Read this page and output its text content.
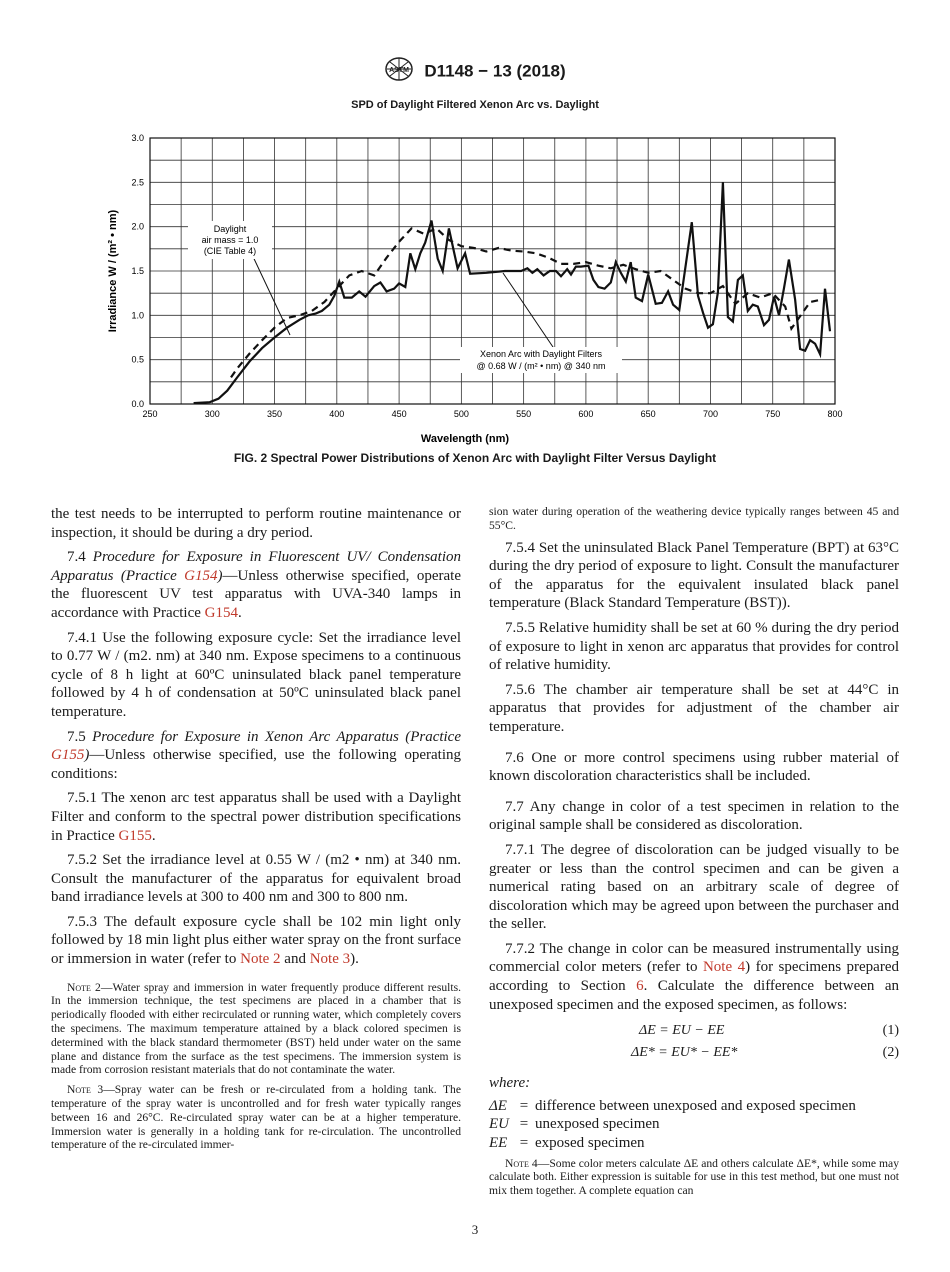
ASTM D1148 − 13 (2018)
SPD of Daylight Filtered Xenon Arc vs. Daylight
250	300	350	400	450	500	550	600	650	700	750	800
0.0
0.5
1.0
1.5
2.0
2.5
3.0
Daylight
air mass = 1.0
(CIE Table 4)
Xenon Arc with Daylight Filters
@ 0.68 W / (m² • nm) @ 340 nm
Irradiance W / (m² • nm)
Wavelength (nm)
FIG. 2 Spectral Power Distributions of Xenon Arc with Daylight Filter Versus Daylight

the test needs to be interrupted to perform routine maintenance or inspection, it should be during a dry period.

7.4 Procedure for Exposure in Fluorescent UV/ Condensation Apparatus (Practice G154)—Unless otherwise specified, operate the fluorescent UV test apparatus with UVA-340 lamps in accordance with Practice G154.

7.4.1 Use the following exposure cycle: Set the irradiance level to 0.77 W / (m2. nm) at 340 nm. Expose specimens to a continuous cycle of 8 h light at 60ºC uninsulated black panel temperature followed by 4 h of condensation at 50ºC uninsulated black panel temperature.

7.5 Procedure for Exposure in Xenon Arc Apparatus (Practice G155)—Unless otherwise specified, use the following operating conditions:

7.5.1 The xenon arc test apparatus shall be used with a Daylight Filter and conform to the spectral power distribution specifications in Practice G155.

7.5.2 Set the irradiance level at 0.55 W / (m2 • nm) at 340 nm. Consult the manufacturer of the apparatus for equivalent broad band irradiance levels at 300 to 400 nm and 300 to 800 nm.

7.5.3 The default exposure cycle shall be 102 min light only followed by 18 min light plus either water spray on the front surface or immersion in water (refer to Note 2 and Note 3).

Note 2—Water spray and immersion in water frequently produce different results. In the immersion technique, the test specimens are placed in a chamber that is periodically flooded with either recirculated or running water, which completely covers the specimens. The maximum temperature attained by a black colored specimen is determined with the black standard thermometer (BST) held under water on the same plane and distance from the surface as the test specimens. The immersion system is made from corrosion resistant materials that do not contaminate the water.

Note 3—Spray water can be fresh or re-circulated from a holding tank. The temperature of the spray water is uncontrolled and for fresh water typically ranges between 16 and 26°C. Re-circulated spray water can be at a higher temperature. Immersion water is generally in a holding tank for re-circulation. The uncontrolled temperature of the re-circulated immer-

sion water during operation of the weathering device typically ranges between 45 and 55°C.

7.5.4 Set the uninsulated Black Panel Temperature (BPT) at 63°C during the dry period of exposure to light. Consult the manufacturer of the apparatus for the equivalent insulated black panel temperature (Black Standard Temperature (BST)).

7.5.5 Relative humidity shall be set at 60 % during the dry period of exposure to light in xenon arc apparatus that provides for control of relative humidity.

7.5.6 The chamber air temperature shall be set at 44°C in apparatus that provides for adjustment of the chamber air temperature.

7.6 One or more control specimens using rubber material of known discoloration characteristics shall be included.

7.7 Any change in color of a test specimen in relation to the original sample shall be considered as discoloration.

7.7.1 The degree of discoloration can be judged visually to be greater or less than the control specimen and can be given a numerical rating based on an arbitrary scale of degree of discoloration which may be agreed upon between the purchaser and the seller.

7.7.2 The change in color can be measured instrumentally using commercial color meters (refer to Note 4) for specimens prepared according to Section 6. Calculate the difference between an unexposed specimen and the exposed specimen, as follows:

ΔE = EU − EE	(1)
ΔE* = EU* − EE*	(2)
where:
ΔE	=	difference between unexposed and exposed specimen
EU	=	unexposed specimen
EE	=	exposed specimen

Note 4—Some color meters calculate ΔE and others calculate ΔE*, while some may calculate both. Either expression is suitable for use in this test method, but one must not mix them together. A complete equation can

3
